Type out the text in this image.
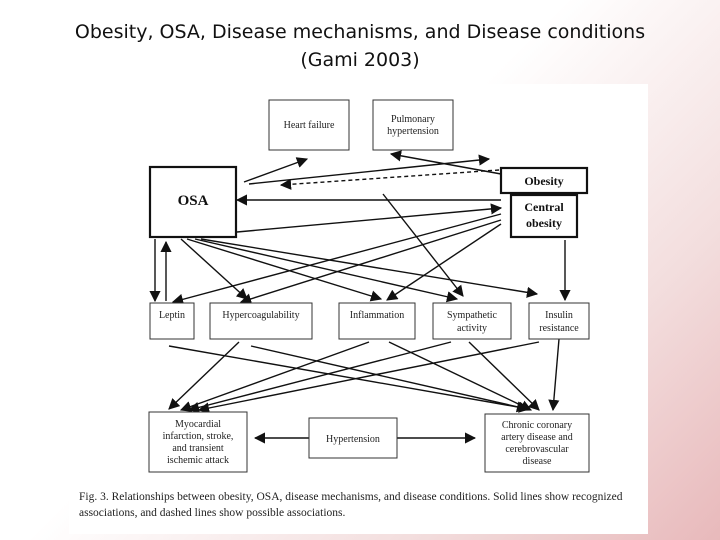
Obesity, OSA, Disease mechanisms, and Disease conditions
(Gami 2003)
Heart failure
Pulmonary
hypertension
OSA
Obesity
Central
obesity
Leptin	Hypercoagulability	Inflammation	Sympathetic
activity
Insulin
resistance
Myocardial
infarction, stroke,
and transient
ischemic attack
Hypertension
Chronic coronary
artery disease and
cerebrovascular
disease
Fig. 3. Relationships between obesity, OSA, disease mechanisms, and disease conditions. Solid lines show recognized associations, and dashed lines show possible associations.
